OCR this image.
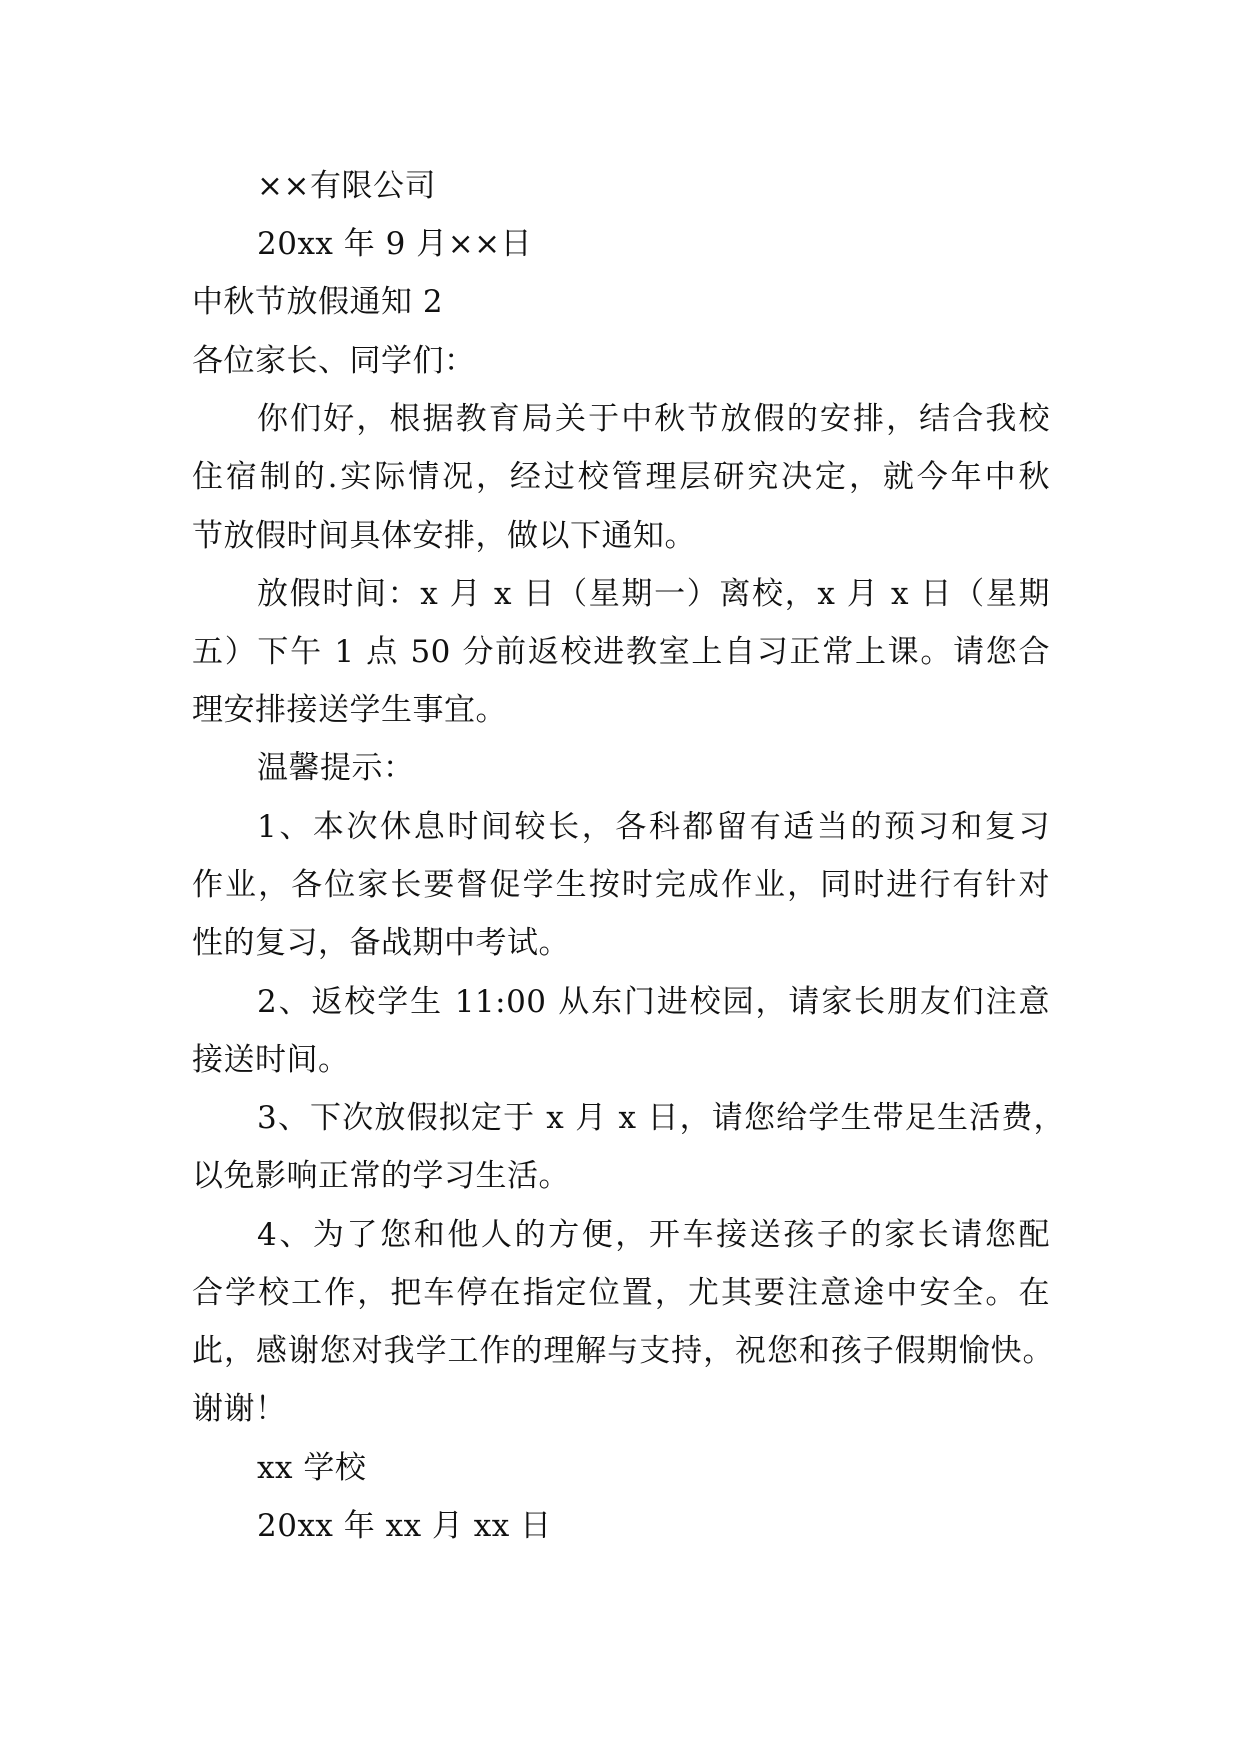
××有限公司
20xx 年 9 月××日
中秋节放假通知 2
各位家长、同学们：
你们好，根据教育局关于中秋节放假的安排，结合我校
住宿制的.实际情况，经过校管理层研究决定，就今年中秋
节放假时间具体安排，做以下通知。
放假时间：x 月 x 日（星期一）离校，x 月 x 日（星期
五）下午 1 点 50 分前返校进教室上自习正常上课。请您合
理安排接送学生事宜。
温馨提示：
1、本次休息时间较长，各科都留有适当的预习和复习
作业，各位家长要督促学生按时完成作业，同时进行有针对
性的复习，备战期中考试。
2、返校学生 11:00 从东门进校园，请家长朋友们注意
接送时间。
3、下次放假拟定于 x 月 x 日，请您给学生带足生活费，
以免影响正常的学习生活。
4、为了您和他人的方便，开车接送孩子的家长请您配
合学校工作，把车停在指定位置，尤其要注意途中安全。在
此，感谢您对我学工作的理解与支持，祝您和孩子假期愉快。
谢谢！
xx 学校
20xx 年 xx 月 xx 日
